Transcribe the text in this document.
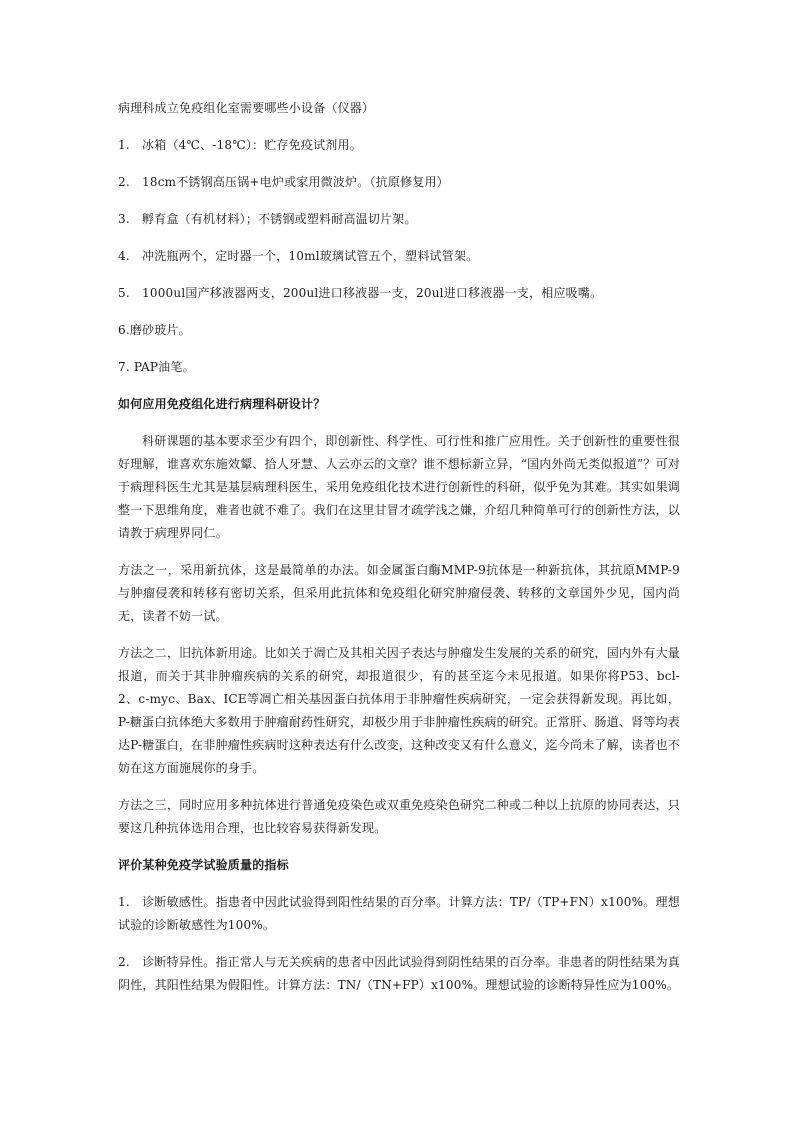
病理科成立免疫组化室需要哪些小设备（仪器）

1.　冰箱（4℃、-18℃）：贮存免疫试剂用。

2.　18cm不锈钢高压锅+电炉或家用微波炉。（抗原修复用）

3.　孵育盒（有机材料）；不锈钢或塑料耐高温切片架。

4.　冲洗瓶两个，定时器一个，10ml玻璃试管五个，塑料试管架。

5.　1000ul国产移液器两支，200ul进口移液器一支，20ul进口移液器一支，相应吸嘴。

6.磨砂玻片。

7. PAP油笔。

如何应用免疫组化进行病理科研设计？

科研课题的基本要求至少有四个，即创新性、科学性、可行性和推广应用性。关于创新性的重要性很好理解，谁喜欢东施效颦、拾人牙慧、人云亦云的文章？谁不想标新立异，“国内外尚无类似报道”？可对于病理科医生尤其是基层病理科医生，采用免疫组化技术进行创新性的科研，似乎免为其难。其实如果调整一下思维角度，难者也就不难了。我们在这里甘冒才疏学浅之嫌，介绍几种简单可行的创新性方法，以请教于病理界同仁。

方法之一，采用新抗体，这是最简单的办法。如金属蛋白酶MMP-9抗体是一种新抗体，其抗原MMP-9与肿瘤侵袭和转移有密切关系，但采用此抗体和免疫组化研究肿瘤侵袭、转移的文章国外少见，国内尚无，读者不妨一试。

方法之二，旧抗体新用途。比如关于凋亡及其相关因子表达与肿瘤发生发展的关系的研究，国内外有大量报道，而关于其非肿瘤疾病的关系的研究，却报道很少，有的甚至迄今未见报道。如果你将P53、bcl-2、c-myc、Bax、ICE等凋亡相关基因蛋白抗体用于非肿瘤性疾病研究，一定会获得新发现。再比如，P-糖蛋白抗体绝大多数用于肿瘤耐药性研究，却极少用于非肿瘤性疾病的研究。正常肝、肠道、肾等均表达P-糖蛋白，在非肿瘤性疾病时这种表达有什么改变，这种改变又有什么意义，迄今尚未了解，读者也不妨在这方面施展你的身手。

方法之三，同时应用多种抗体进行普通免疫染色或双重免疫染色研究二种或二种以上抗原的协同表达，只要这几种抗体选用合理，也比较容易获得新发现。

评价某种免疫学试验质量的指标

1.　诊断敏感性。指患者中因此试验得到阳性结果的百分率。计算方法：TP/（TP+FN）x100%。理想试验的诊断敏感性为100%。

2.　诊断特异性。指正常人与无关疾病的患者中因此试验得到阴性结果的百分率。非患者的阴性结果为真阴性，其阳性结果为假阳性。计算方法：TN/（TN+FP）x100%。理想试验的诊断特异性应为100%。
